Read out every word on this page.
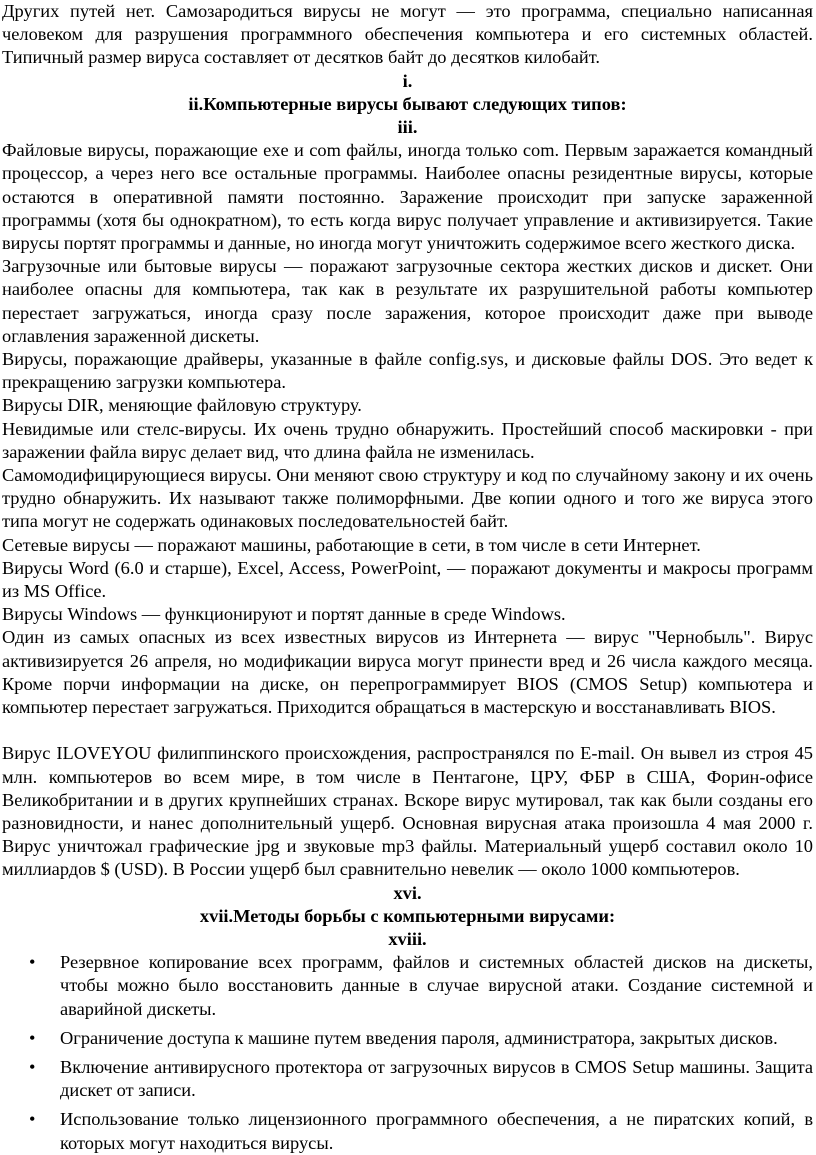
Других путей нет. Самозародиться вирусы не могут — это программа, специально написанная человеком для разрушения программного обеспечения компьютера и его системных областей. Типичный размер вируса составляет от десятков байт до десятков килобайт.

i.

ii.Компьютерные вирусы бывают следующих типов:

iii.

Файловые вирусы, поражающие exe и com файлы, иногда только com. Первым заражается командный процессор, а через него все остальные программы. Наиболее опасны резидентные вирусы, которые остаются в оперативной памяти постоянно. Заражение происходит при запуске зараженной программы (хотя бы однократном), то есть когда вирус получает управление и активизируется. Такие вирусы портят программы и данные, но иногда могут уничтожить содержимое всего жесткого диска.

Загрузочные или бытовые вирусы — поражают загрузочные сектора жестких дисков и дискет. Они наиболее опасны для компьютера, так как в результате их разрушительной работы компьютер перестает загружаться, иногда сразу после заражения, которое происходит даже при выводе оглавления зараженной дискеты.

Вирусы, поражающие драйверы, указанные в файле config.sys, и дисковые файлы DOS. Это ведет к прекращению загрузки компьютера.

Вирусы DIR, меняющие файловую структуру.

Невидимые или стелс-вирусы. Их очень трудно обнаружить. Простейший способ маскировки - при заражении файла вирус делает вид, что длина файла не изменилась.

Самомодифицирующиеся вирусы. Они меняют свою структуру и код по случайному закону и их очень трудно обнаружить. Их называют также полиморфными. Две копии одного и того же вируса этого типа могут не содержать одинаковых последовательностей байт.

Сетевые вирусы — поражают машины, работающие в сети, в том числе в сети Интернет.

Вирусы Word (6.0 и старше), Excel, Access, PowerPoint, — поражают документы и макросы программ из MS Office.

Вирусы Windows — функционируют и портят данные в среде Windows.

Один из самых опасных из всех известных вирусов из Интернета — вирус "Чернобыль". Вирус активизируется 26 апреля, но модификации вируса могут принести вред и 26 числа каждого месяца. Кроме порчи информации на диске, он перепрограммирует BIOS (CMOS Setup) компьютера и компьютер перестает загружаться. Приходится обращаться в мастерскую и восстанавливать BIOS.

Вирус ILOVEYOU филиппинского происхождения, распространялся по E-mail. Он вывел из строя 45 млн. компьютеров во всем мире, в том числе в Пентагоне, ЦРУ, ФБР в США, Форин-офисе Великобритании и в других крупнейших странах. Вскоре вирус мутировал, так как были созданы его разновидности, и нанес дополнительный ущерб. Основная вирусная атака произошла 4 мая 2000 г. Вирус уничтожал графические jpg и звуковые mp3 файлы. Материальный ущерб составил около 10 миллиардов $ (USD). В России ущерб был сравнительно невелик — около 1000 компьютеров.

xvi.

xvii.Методы борьбы с компьютерными вирусами:

xviii.

• Резервное копирование всех программ, файлов и системных областей дисков на дискеты, чтобы можно было восстановить данные в случае вирусной атаки. Создание системной и аварийной дискеты.
• Ограничение доступа к машине путем введения пароля, администратора, закрытых дисков.
• Включение антивирусного протектора от загрузочных вирусов в CMOS Setup машины. Защита дискет от записи.
• Использование только лицензионного программного обеспечения, а не пиратских копий, в которых могут находиться вирусы.
